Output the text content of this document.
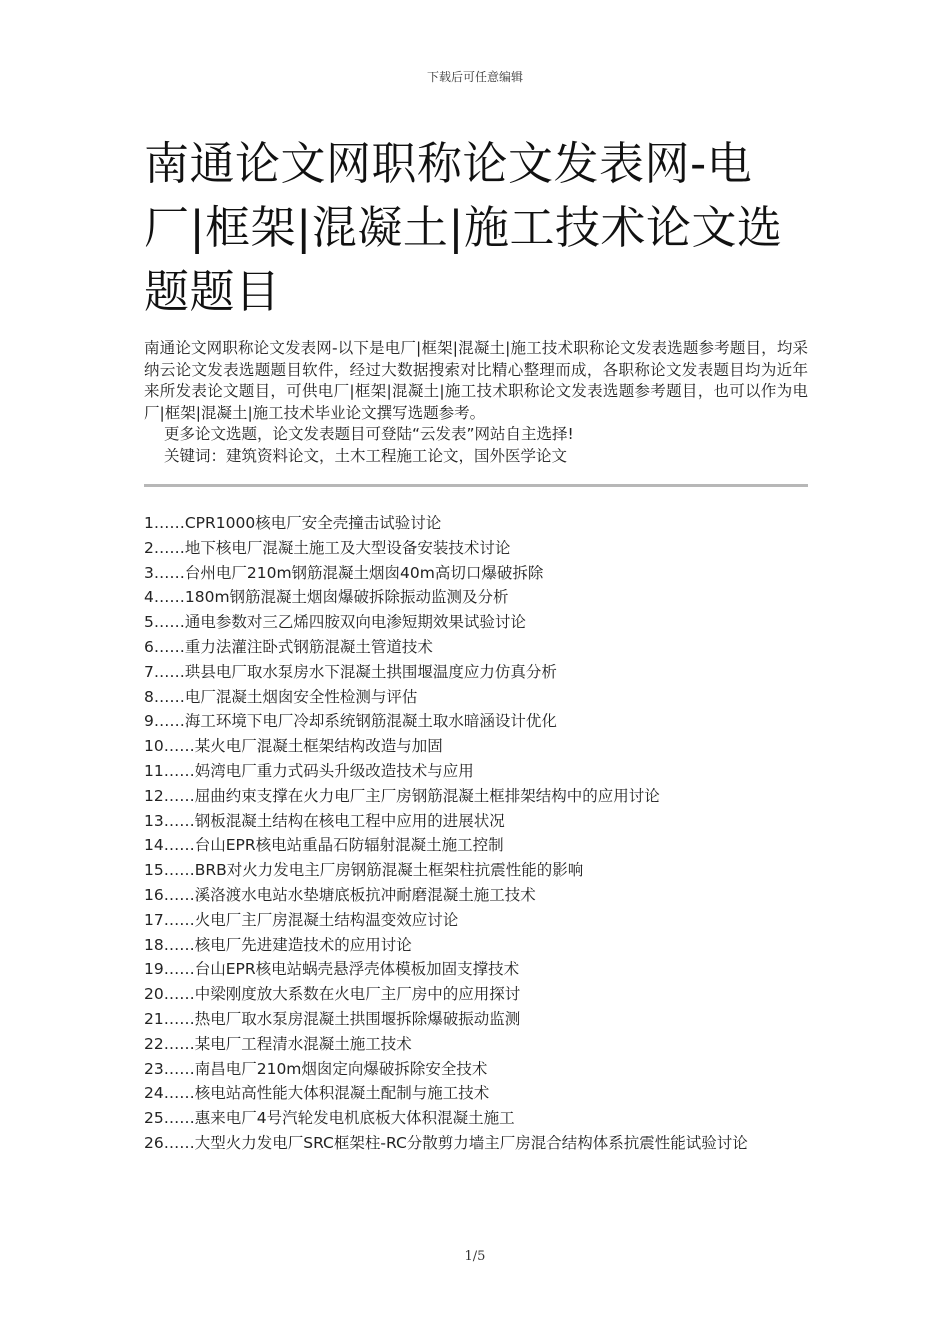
下载后可任意编辑
南通论文网职称论文发表网-电厂|框架|混凝土|施工技术论文选题题目

南通论文网职称论文发表网-以下是电厂|框架|混凝土|施工技术职称论文发表选题参考题目，均采纳云论文发表选题题目软件，经过大数据搜索对比精心整理而成，各职称论文发表题目均为近年来所发表论文题目，可供电厂|框架|混凝土|施工技术职称论文发表选题参考题目，也可以作为电厂|框架|混凝土|施工技术毕业论文撰写选题参考。

更多论文选题，论文发表题目可登陆“云发表”网站自主选择!

关键词：建筑资料论文，土木工程施工论文，国外医学论文

1……CPR1000核电厂安全壳撞击试验讨论
2……地下核电厂混凝土施工及大型设备安装技术讨论
3……台州电厂210m钢筋混凝土烟囱40m高切口爆破拆除
4……180m钢筋混凝土烟囱爆破拆除振动监测及分析
5……通电参数对三乙烯四胺双向电渗短期效果试验讨论
6……重力法灌注卧式钢筋混凝土管道技术
7……珙县电厂取水泵房水下混凝土拱围堰温度应力仿真分析
8……电厂混凝土烟囱安全性检测与评估
9……海工环境下电厂冷却系统钢筋混凝土取水暗涵设计优化
10……某火电厂混凝土框架结构改造与加固
11……妈湾电厂重力式码头升级改造技术与应用
12……屈曲约束支撑在火力电厂主厂房钢筋混凝土框排架结构中的应用讨论
13……钢板混凝土结构在核电工程中应用的进展状况
14……台山EPR核电站重晶石防辐射混凝土施工控制
15……BRB对火力发电主厂房钢筋混凝土框架柱抗震性能的影响
16……溪洛渡水电站水垫塘底板抗冲耐磨混凝土施工技术
17……火电厂主厂房混凝土结构温变效应讨论
18……核电厂先进建造技术的应用讨论
19……台山EPR核电站蜗壳悬浮壳体模板加固支撑技术
20……中梁刚度放大系数在火电厂主厂房中的应用探讨
21……热电厂取水泵房混凝土拱围堰拆除爆破振动监测
22……某电厂工程清水混凝土施工技术
23……南昌电厂210m烟囱定向爆破拆除安全技术
24……核电站高性能大体积混凝土配制与施工技术
25……惠来电厂4号汽轮发电机底板大体积混凝土施工
26……大型火力发电厂SRC框架柱-RC分散剪力墙主厂房混合结构体系抗震性能试验讨论
1/5
